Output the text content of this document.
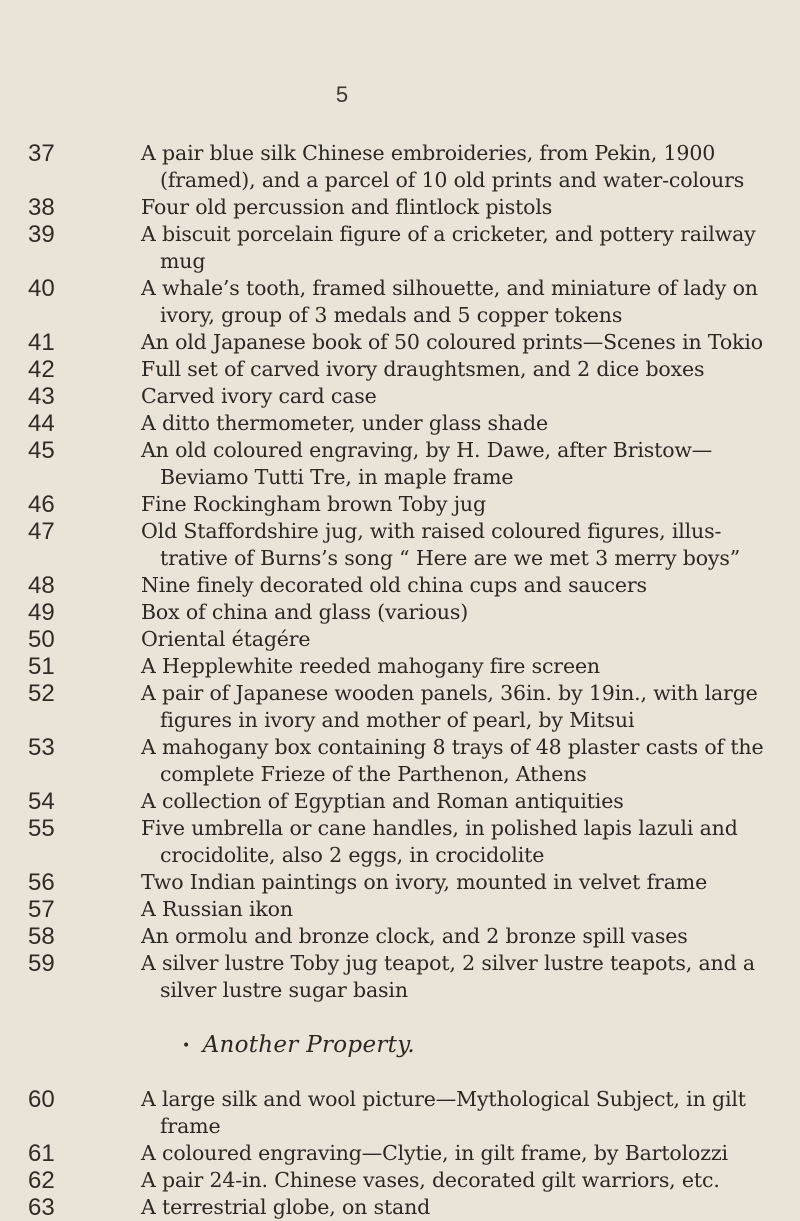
5
37	A pair blue silk Chinese embroideries, from Pekin, 1900 (framed), and a parcel of 10 old prints and water-colours
38	Four old percussion and flintlock pistols
39	A biscuit porcelain figure of a cricketer, and pottery railway mug
40	A whale’s tooth, framed silhouette, and miniature of lady on ivory, group of 3 medals and 5 copper tokens
41	An old Japanese book of 50 coloured prints—Scenes in Tokio
42	Full set of carved ivory draughtsmen, and 2 dice boxes
43	Carved ivory card case
44	A ditto thermometer, under glass shade
45	An old coloured engraving, by H. Dawe, after Bristow—Beviamo Tutti Tre, in maple frame
46	Fine Rockingham brown Toby jug
47	Old Staffordshire jug, with raised coloured figures, illus-trative of Burns’s song “ Here are we met 3 merry boys”
48	Nine finely decorated old china cups and saucers
49	Box of china and glass (various)
50	Oriental étagére
51	A Hepplewhite reeded mahogany fire screen
52	A pair of Japanese wooden panels, 36in. by 19in., with large figures in ivory and mother of pearl, by Mitsui
53	A mahogany box containing 8 trays of 48 plaster casts of the complete Frieze of the Parthenon, Athens
54	A collection of Egyptian and Roman antiquities
55	Five umbrella or cane handles, in polished lapis lazuli and crocidolite, also 2 eggs, in crocidolite
56	Two Indian paintings on ivory, mounted in velvet frame
57	A Russian ikon
58	An ormolu and bronze clock, and 2 bronze spill vases
59	A silver lustre Toby jug teapot, 2 silver lustre teapots, and a silver lustre sugar basin
• Another Property.
60	A large silk and wool picture—Mythological Subject, in gilt frame
61	A coloured engraving—Clytie, in gilt frame, by Bartolozzi
62	A pair 24-in. Chinese vases, decorated gilt warriors, etc.
63	A terrestrial globe, on stand
